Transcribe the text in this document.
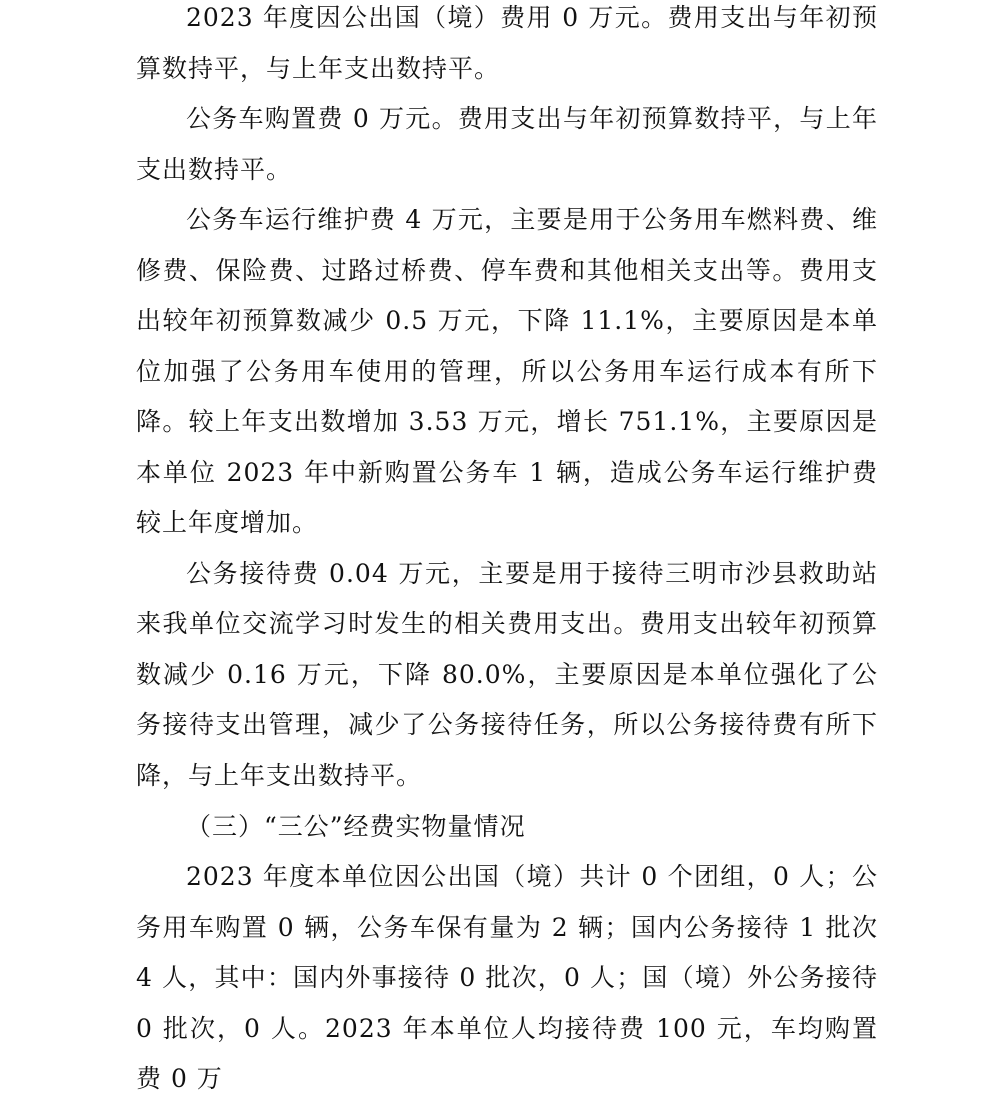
2023 年度因公出国（境）费用 0 万元。费用支出与年初预算数持平，与上年支出数持平。

公务车购置费 0 万元。费用支出与年初预算数持平，与上年支出数持平。

公务车运行维护费 4 万元，主要是用于公务用车燃料费、维修费、保险费、过路过桥费、停车费和其他相关支出等。费用支出较年初预算数减少 0.5 万元，下降 11.1%，主要原因是本单位加强了公务用车使用的管理，所以公务用车运行成本有所下降。较上年支出数增加 3.53 万元，增长 751.1%，主要原因是本单位 2023 年中新购置公务车 1 辆，造成公务车运行维护费较上年度增加。

公务接待费 0.04 万元，主要是用于接待三明市沙县救助站来我单位交流学习时发生的相关费用支出。费用支出较年初预算数减少 0.16 万元，下降 80.0%，主要原因是本单位强化了公务接待支出管理，减少了公务接待任务，所以公务接待费有所下降，与上年支出数持平。

（三）“三公”经费实物量情况

2023 年度本单位因公出国（境）共计 0 个团组，0 人；公务用车购置 0 辆，公务车保有量为 2 辆；国内公务接待 1 批次 4 人，其中：国内外事接待 0 批次，0 人；国（境）外公务接待 0 批次，0 人。2023 年本单位人均接待费 100 元，车均购置费 0 万
